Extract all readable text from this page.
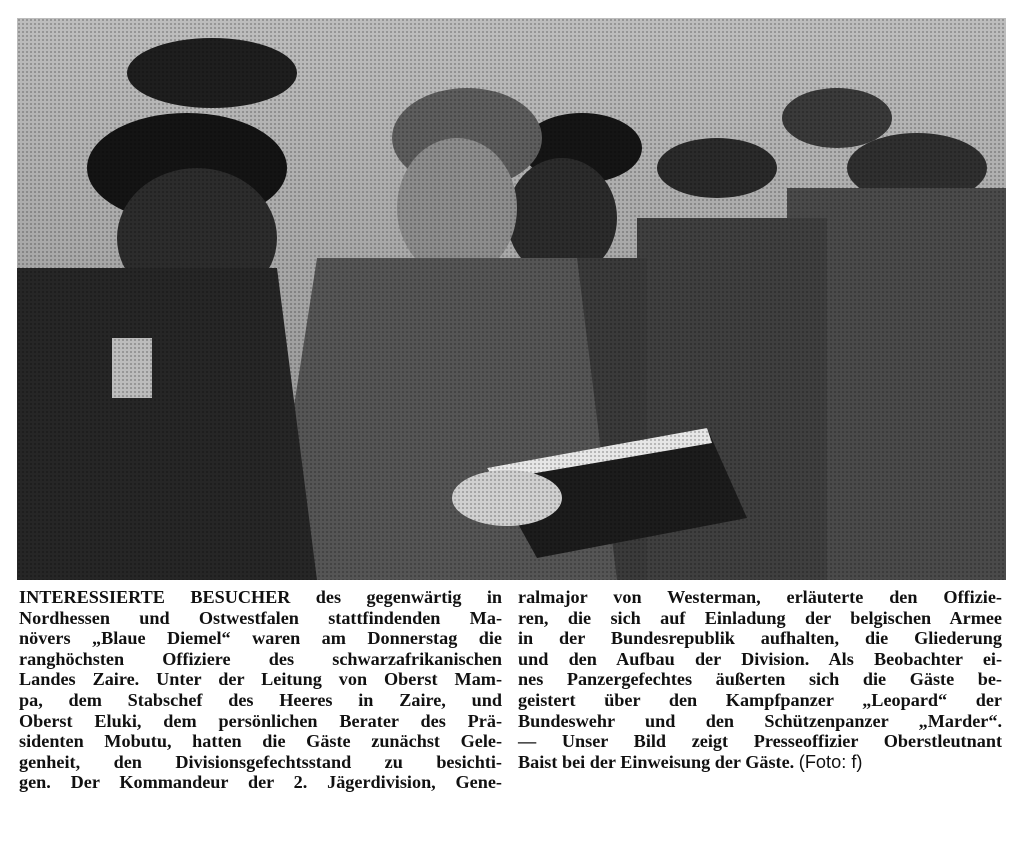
INTERESSIERTE BESUCHER des gegenwärtig in
Nordhessen und Ostwestfalen stattfindenden Ma-
növers „Blaue Diemel“ waren am Donnerstag die
ranghöchsten Offiziere des schwarzafrikanischen
Landes Zaire. Unter der Leitung von Oberst Mam-
pa, dem Stabschef des Heeres in Zaire, und
Oberst Eluki, dem persönlichen Berater des Prä-
sidenten Mobutu, hatten die Gäste zunächst Gele-
genheit, den Divisionsgefechtsstand zu besichti-
gen. Der Kommandeur der 2. Jägerdivision, Gene-
ralmajor von Westerman, erläuterte den Offizie-
ren, die sich auf Einladung der belgischen Armee
in der Bundesrepublik aufhalten, die Gliederung
und den Aufbau der Division. Als Beobachter ei-
nes Panzergefechtes äußerten sich die Gäste be-
geistert über den Kampfpanzer „Leopard“ der
Bundeswehr und den Schützenpanzer „Marder“.
— Unser Bild zeigt Presseoffizier Oberstleutnant
Baist bei der Einweisung der Gäste. (Foto: f)
